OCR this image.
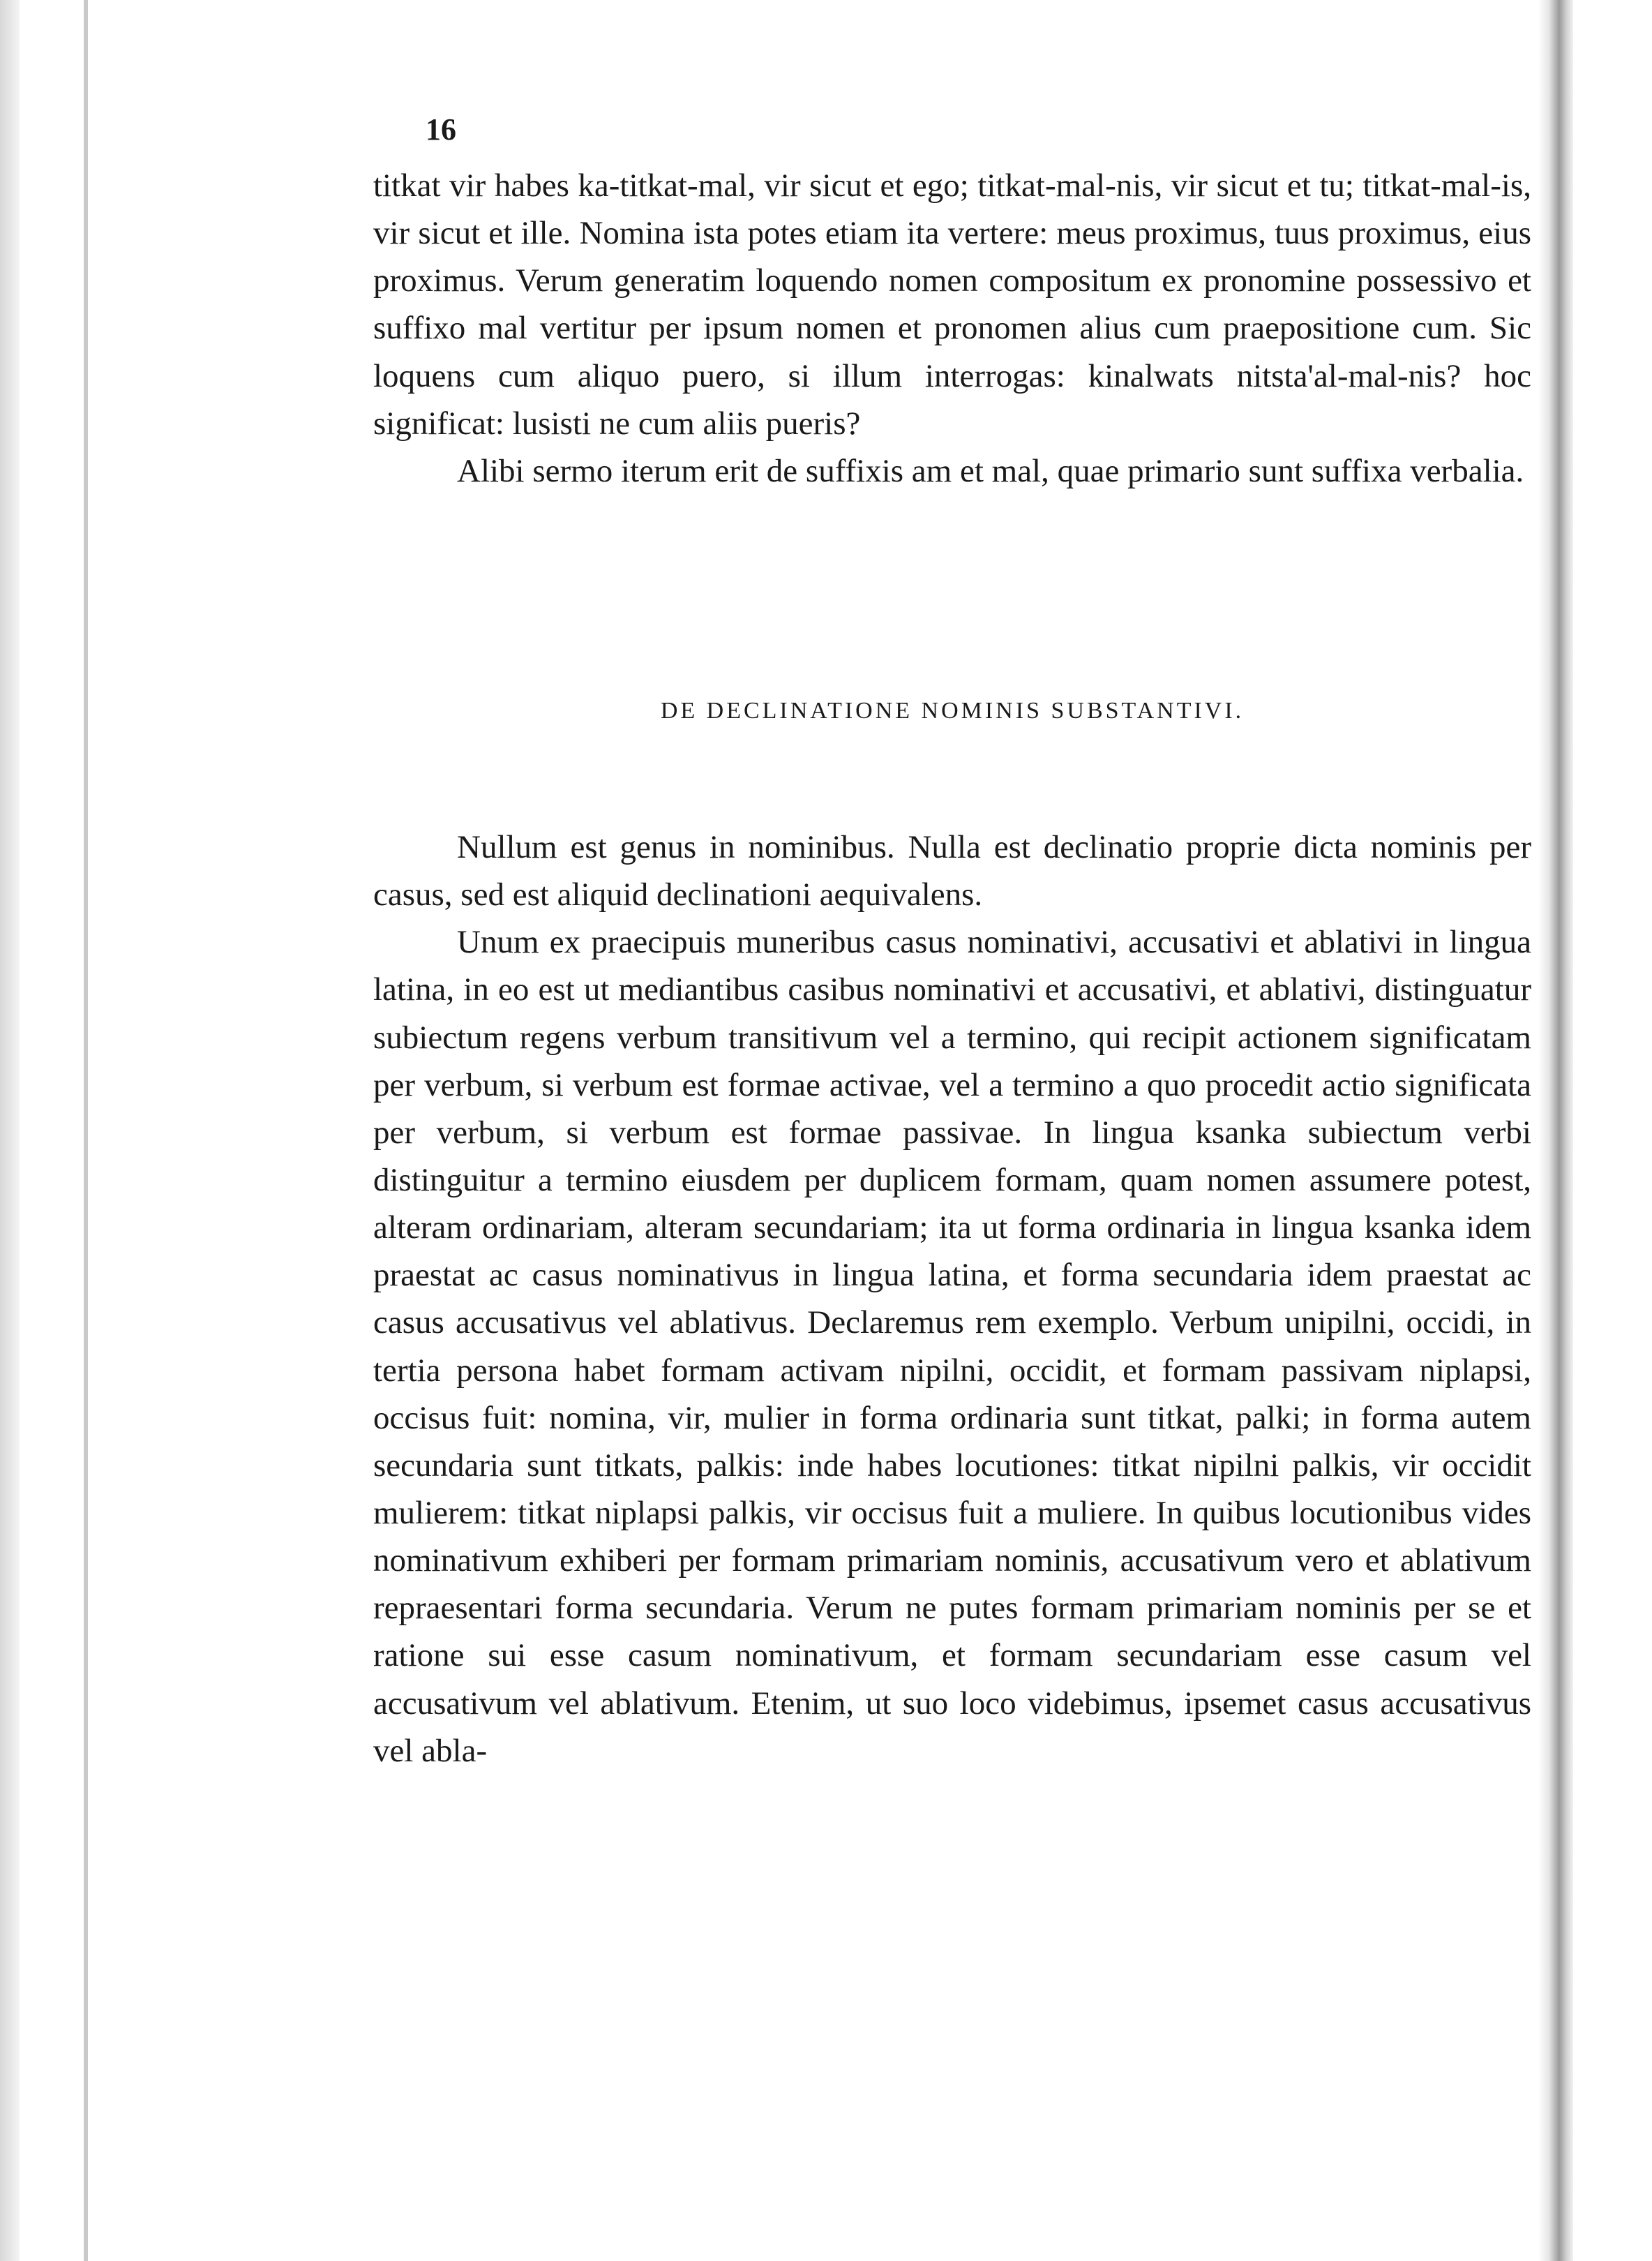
16

titkat vir habes ka-titkat-mal, vir sicut et ego; titkat-mal-nis, vir sicut et tu; titkat-mal-is, vir sicut et ille. Nomina ista potes etiam ita vertere: meus proximus, tuus proximus, eius proximus. Verum generatim loquendo nomen compositum ex pronomine possessivo et suffixo mal vertitur per ipsum nomen et pronomen alius cum praepositione cum. Sic loquens cum aliquo puero, si illum interrogas: kinalwats nitsta'al-mal-nis? hoc significat: lusisti ne cum aliis pueris?

Alibi sermo iterum erit de suffixis am et mal, quae primario sunt suffixa verbalia.

DE DECLINATIONE NOMINIS SUBSTANTIVI.

Nullum est genus in nominibus. Nulla est declinatio proprie dicta nominis per casus, sed est aliquid declinationi aequivalens.

Unum ex praecipuis muneribus casus nominativi, accusativi et ablativi in lingua latina, in eo est ut mediantibus casibus nominativi et accusativi, et ablativi, distinguatur subiectum regens verbum transitivum vel a termino, qui recipit actionem significatam per verbum, si verbum est formae activae, vel a termino a quo procedit actio significata per verbum, si verbum est formae passivae. In lingua ksanka subiectum verbi distinguitur a termino eiusdem per duplicem formam, quam nomen assumere potest, alteram ordinariam, alteram secundariam; ita ut forma ordinaria in lingua ksanka idem praestat ac casus nominativus in lingua latina, et forma secundaria idem praestat ac casus accusativus vel ablativus. Declaremus rem exemplo. Verbum unipilni, occidi, in tertia persona habet formam activam nipilni, occidit, et formam passivam niplapsi, occisus fuit: nomina, vir, mulier in forma ordinaria sunt titkat, palki; in forma autem secundaria sunt titkats, palkis: inde habes locutiones: titkat nipilni palkis, vir occidit mulierem: titkat niplapsi palkis, vir occisus fuit a muliere. In quibus locutionibus vides nominativum exhiberi per formam primariam nominis, accusativum vero et ablativum repraesentari forma secundaria. Verum ne putes formam primariam nominis per se et ratione sui esse casum nominativum, et formam secundariam esse casum vel accusativum vel ablativum. Etenim, ut suo loco videbimus, ipsemet casus accusativus vel abla-
